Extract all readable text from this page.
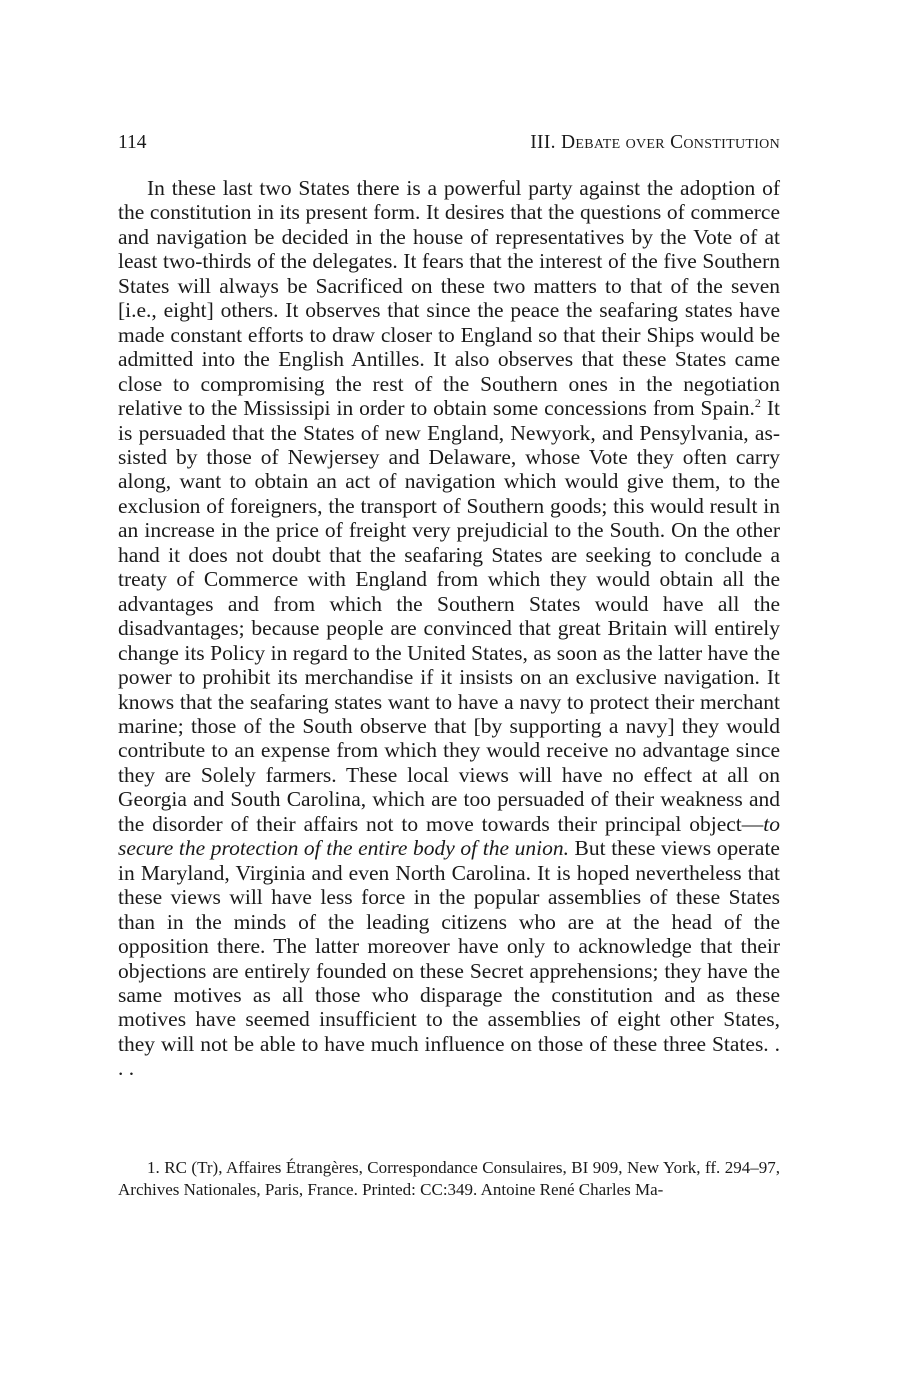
114	III. Debate over Constitution

In these last two States there is a powerful party against the adoption of the constitution in its present form. It desires that the questions of commerce and navigation be decided in the house of representatives by the Vote of at least two-thirds of the delegates. It fears that the interest of the five Southern States will always be Sacrificed on these two matters to that of the seven [i.e., eight] others. It observes that since the peace the seafaring states have made constant efforts to draw closer to England so that their Ships would be admitted into the English Antilles. It also observes that these States came close to compromising the rest of the Southern ones in the negotiation relative to the Mississipi in order to obtain some concessions from Spain.$^2$ It is persuaded that the States of new England, Newyork, and Pensylvania, assisted by those of Newjersey and Delaware, whose Vote they often carry along, want to obtain an act of navigation which would give them, to the exclusion of foreigners, the transport of Southern goods; this would result in an increase in the price of freight very prejudicial to the South. On the other hand it does not doubt that the seafaring States are seeking to conclude a treaty of Commerce with England from which they would obtain all the advantages and from which the Southern States would have all the disadvantages; because people are convinced that great Britain will entirely change its Policy in regard to the United States, as soon as the latter have the power to prohibit its merchandise if it insists on an exclusive navigation. It knows that the seafaring states want to have a navy to protect their merchant marine; those of the South observe that [by supporting a navy] they would contribute to an expense from which they would receive no advantage since they are Solely farmers. These local views will have no effect at all on Georgia and South Carolina, which are too persuaded of their weakness and the disorder of their affairs not to move towards their principal object—to secure the protection of the entire body of the union. But these views operate in Maryland, Virginia and even North Carolina. It is hoped nevertheless that these views will have less force in the popular assemblies of these States than in the minds of the leading citizens who are at the head of the opposition there. The latter moreover have only to acknowledge that their objections are entirely founded on these Secret apprehensions; they have the same motives as all those who disparage the constitution and as these motives have seemed insufficient to the assemblies of eight other States, they will not be able to have much influence on those of these three States. . . .

1. RC (Tr), Affaires Étrangères, Correspondance Consulaires, BI 909, New York, ff. 294–97, Archives Nationales, Paris, France. Printed: CC:349. Antoine René Charles Ma-
